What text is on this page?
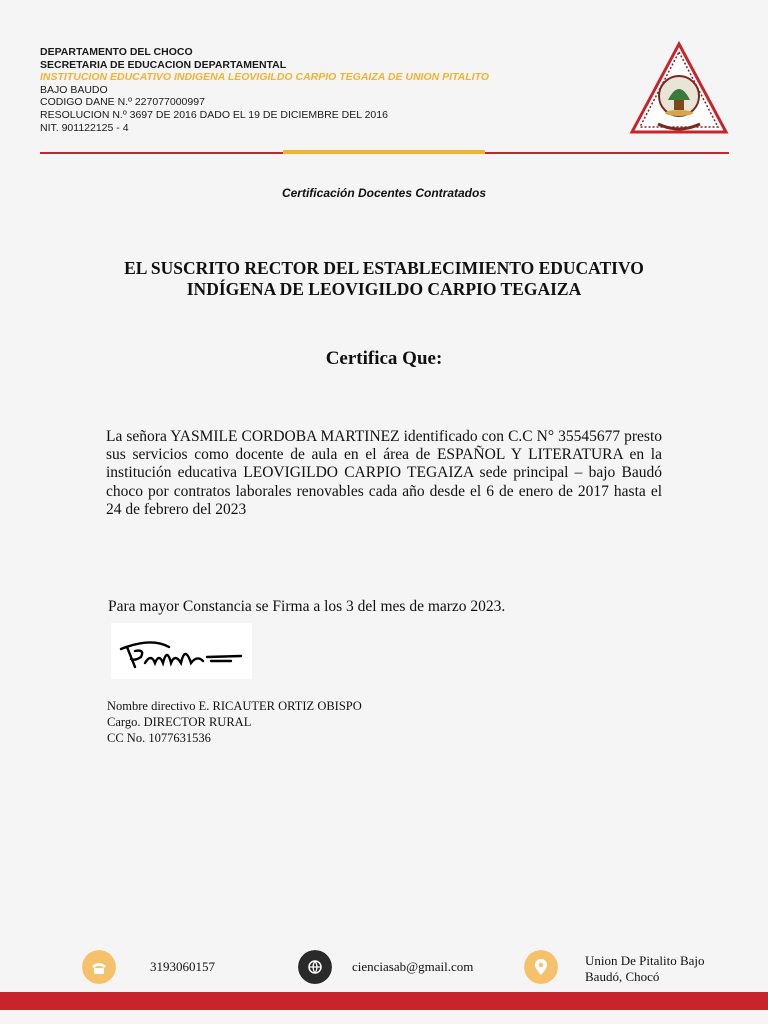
DEPARTAMENTO DEL CHOCO
SECRETARIA DE EDUCACION DEPARTAMENTAL
INSTITUCION EDUCATIVO INDIGENA LEOVIGILDO CARPIO TEGAIZA DE UNION PITALITO
BAJO BAUDO
CODIGO DANE N.º 227077000997
RESOLUCION N.º 3697 DE 2016 DADO EL 19 DE DICIEMBRE DEL 2016
NIT. 901122125 - 4
Certificación Docentes Contratados
EL SUSCRITO RECTOR DEL ESTABLECIMIENTO EDUCATIVO
INDÍGENA DE LEOVIGILDO CARPIO TEGAIZA
Certifica Que:
La señora YASMILE CORDOBA MARTINEZ identificado con C.C N° 35545677 presto sus servicios como docente de aula en el área de ESPAÑOL Y LITERATURA en la institución educativa LEOVIGILDO CARPIO TEGAIZA sede principal – bajo Baudó choco por contratos laborales renovables cada año desde el 6 de enero de 2017 hasta el 24 de febrero del 2023
Para mayor Constancia se Firma a los 3 del mes de marzo 2023.
Nombre directivo E. RICAUTER ORTIZ OBISPO
Cargo. DIRECTOR RURAL
CC No. 1077631536
3193060157	cienciasab@gmail.com	Union De Pitalito Bajo
Baudó, Chocó
